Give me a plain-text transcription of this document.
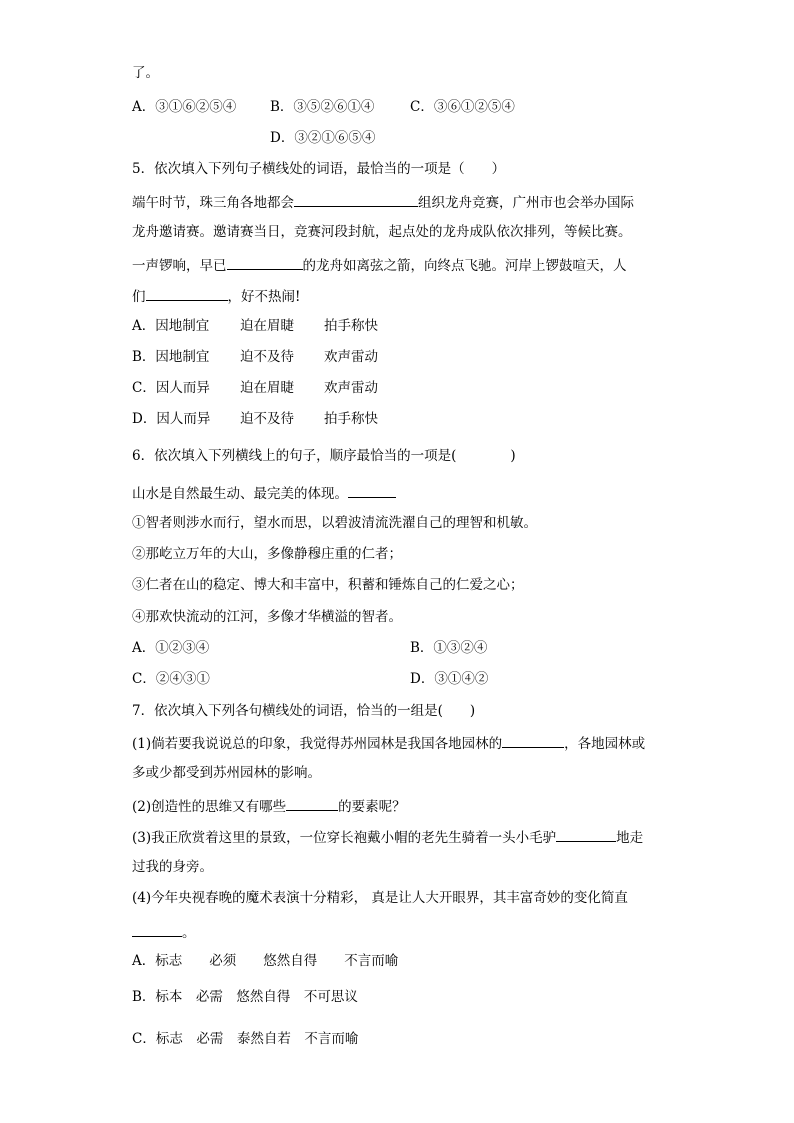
了。
A．③①⑥②⑤④	B．③⑤②⑥①④	C．③⑥①②⑤④
D．③②①⑥⑤④
5．依次填入下列句子横线处的词语，最恰当的一项是（　　）
端午时节，珠三角各地都会	组织龙舟竞赛，广州市也会举办国际
龙舟邀请赛。邀请赛当日，竞赛河段封航，起点处的龙舟成队依次排列，等候比赛。
一声锣响，早已	的龙舟如离弦之箭，向终点飞驰。河岸上锣鼓喧天，人
们	，好不热闹!
A．因地制宜 迫在眉睫 拍手称快
B．因地制宜 迫不及待 欢声雷动
C．因人而异 迫在眉睫 欢声雷动
D．因人而异 迫不及待 拍手称快
6．依次填入下列横线上的句子，顺序最恰当的一项是(　　　　)
山水是自然最生动、最完美的体现。
①智者则涉水而行，望水而思，以碧波清流洗濯自己的理智和机敏。
②那屹立万年的大山，多像静穆庄重的仁者；
③仁者在山的稳定、博大和丰富中，积蓄和锤炼自己的仁爱之心；
④那欢快流动的江河，多像才华横溢的智者。
A．①②③④	B．①③②④
C．②④③①	D．③①④②
7．依次填入下列各句横线处的词语，恰当的一组是(　　)
(1)倘若要我说说总的印象，我觉得苏州园林是我国各地园林的	，各地园林或
多或少都受到苏州园林的影响。
(2)创造性的思维又有哪些	的要素呢？
(3)我正欣赏着这里的景致，一位穿长袍戴小帽的老先生骑着一头小毛驴	地走
过我的身旁。
(4)今年央视春晚的魔术表演十分精彩， 真是让人大开眼界，其丰富奇妙的变化简直
。
A．标志　　必须　　悠然自得　　不言而喻
B．标本　必需　悠然自得　不可思议
C．标志　必需　泰然自若　不言而喻
